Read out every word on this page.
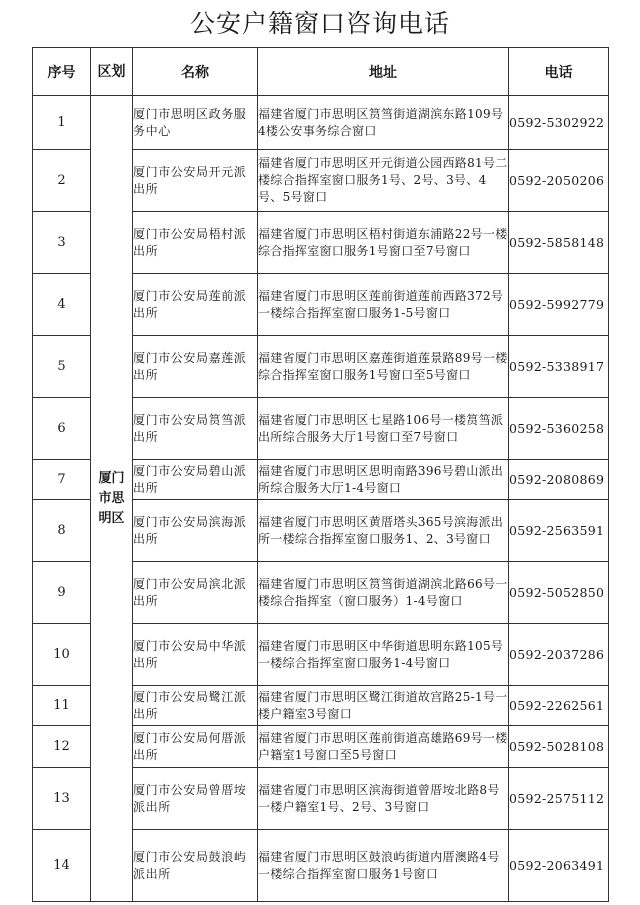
公安户籍窗口咨询电话
序号	区划	名称	地址	电话
1	厦门市思明区	厦门市思明区政务服务中心	福建省厦门市思明区筼筜街道湖滨东路109号4楼公安事务综合窗口	0592-5302922
2		厦门市公安局开元派出所	福建省厦门市思明区开元街道公园西路81号二楼综合指挥室窗口服务1号、2号、3号、4号、5号窗口	0592-2050206
3		厦门市公安局梧村派出所	福建省厦门市思明区梧村街道东浦路22号一楼综合指挥室窗口服务1号窗口至7号窗口	0592-5858148
4		厦门市公安局莲前派出所	福建省厦门市思明区莲前街道莲前西路372号一楼综合指挥室窗口服务1-5号窗口	0592-5992779
5		厦门市公安局嘉莲派出所	福建省厦门市思明区嘉莲街道莲景路89号一楼综合指挥室窗口服务1号窗口至5号窗口	0592-5338917
6		厦门市公安局筼筜派出所	福建省厦门市思明区七星路106号一楼筼筜派出所综合服务大厅1号窗口至7号窗口	0592-5360258
7		厦门市公安局碧山派出所	福建省厦门市思明区思明南路396号碧山派出所综合服务大厅1-4号窗口	0592-2080869
8		厦门市公安局滨海派出所	福建省厦门市思明区黄厝塔头365号滨海派出所一楼综合指挥室窗口服务1、2、3号窗口	0592-2563591
9		厦门市公安局滨北派出所	福建省厦门市思明区筼筜街道湖滨北路66号一楼综合指挥室（窗口服务）1-4号窗口	0592-5052850
10		厦门市公安局中华派出所	福建省厦门市思明区中华街道思明东路105号一楼综合指挥室窗口服务1-4号窗口	0592-2037286
11		厦门市公安局鹭江派出所	福建省厦门市思明区鹭江街道故宫路25-1号一楼户籍室3号窗口	0592-2262561
12		厦门市公安局何厝派出所	福建省厦门市思明区莲前街道高雄路69号一楼户籍室1号窗口至5号窗口	0592-5028108
13		厦门市公安局曾厝垵派出所	福建省厦门市思明区滨海街道曾厝垵北路8号一楼户籍室1号、2号、3号窗口	0592-2575112
14		厦门市公安局鼓浪屿派出所	福建省厦门市思明区鼓浪屿街道内厝澳路4号一楼综合指挥室窗口服务1号窗口	0592-2063491
